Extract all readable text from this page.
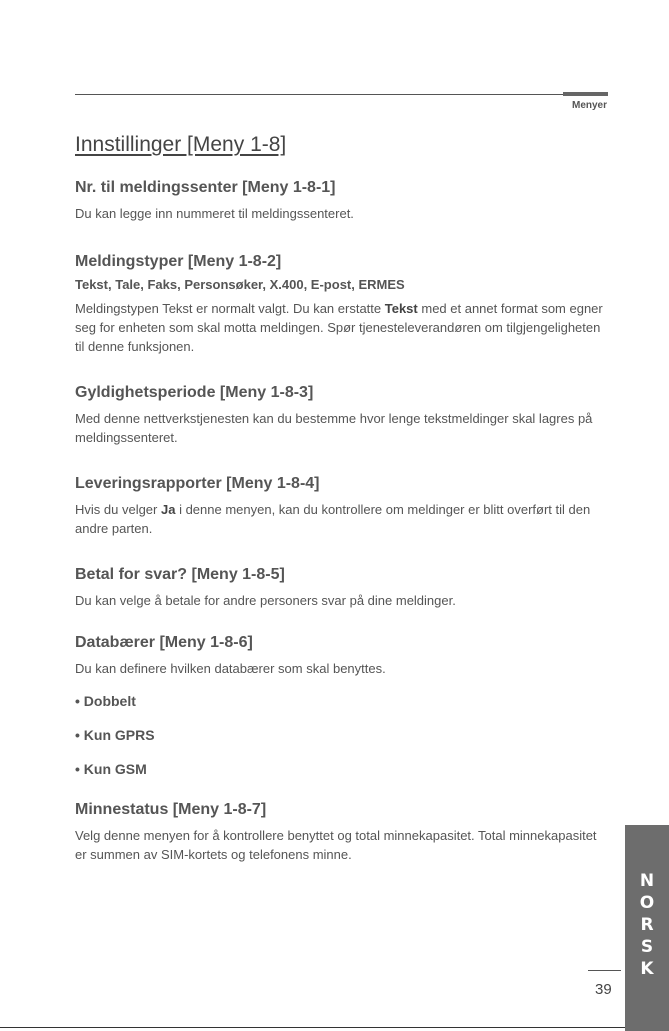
Menyer
Innstillinger [Meny 1-8]
Nr. til meldingssenter [Meny 1-8-1]

Du kan legge inn nummeret til meldingssenteret.

Meldingstyper [Meny 1-8-2]
Tekst, Tale, Faks, Personsøker, X.400, E-post, ERMES

Meldingstypen Tekst er normalt valgt. Du kan erstatte Tekst med et annet format som egner seg for enheten som skal motta meldingen. Spør tjenesteleverandøren om tilgjengeligheten til denne funksjonen.

Gyldighetsperiode [Meny 1-8-3]

Med denne nettverkstjenesten kan du bestemme hvor lenge tekstmeldinger skal lagres på meldingssenteret.

Leveringsrapporter [Meny 1-8-4]

Hvis du velger Ja i denne menyen, kan du kontrollere om meldinger er blitt overført til den andre parten.

Betal for svar? [Meny 1-8-5]

Du kan velge å betale for andre personers svar på dine meldinger.

Databærer [Meny 1-8-6]

Du kan definere hvilken databærer som skal benyttes.

• Dobbelt
• Kun GPRS
• Kun GSM
Minnestatus [Meny 1-8-7]

Velg denne menyen for å kontrollere benyttet og total minnekapasitet. Total minnekapasitet er summen av SIM-kortets og telefonens minne.

N
O
R
S
K
39
